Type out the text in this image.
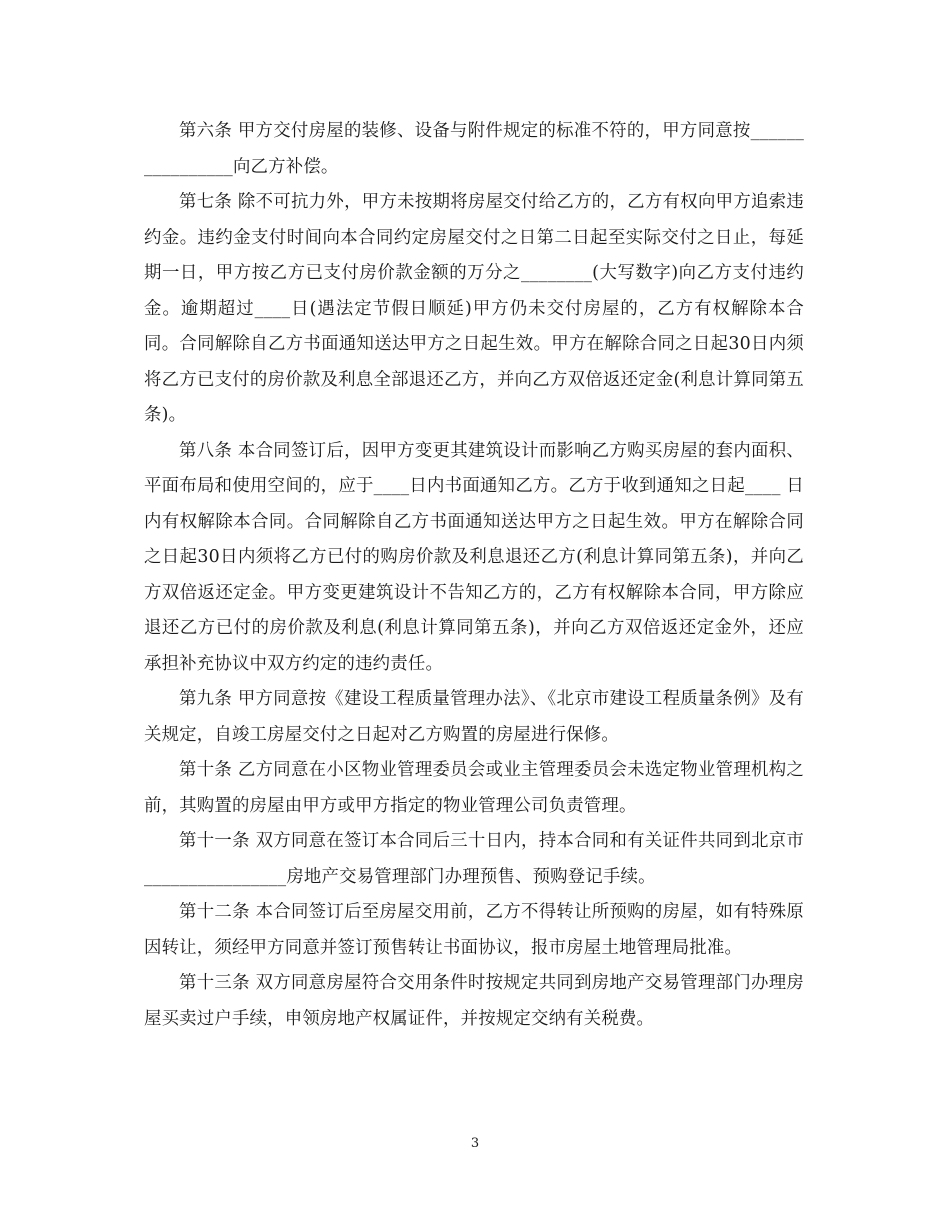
第六条 甲方交付房屋的装修、设备与附件规定的标准不符的，甲方同意按________________向乙方补偿。

第七条 除不可抗力外，甲方未按期将房屋交付给乙方的，乙方有权向甲方追索违约金。违约金支付时间向本合同约定房屋交付之日第二日起至实际交付之日止，每延期一日，甲方按乙方已支付房价款金额的万分之________(大写数字)向乙方支付违约金。逾期超过____日(遇法定节假日顺延)甲方仍未交付房屋的，乙方有权解除本合同。合同解除自乙方书面通知送达甲方之日起生效。甲方在解除合同之日起30日内须将乙方已支付的房价款及利息全部退还乙方，并向乙方双倍返还定金(利息计算同第五条)。

第八条 本合同签订后，因甲方变更其建筑设计而影响乙方购买房屋的套内面积、平面布局和使用空间的，应于____日内书面通知乙方。乙方于收到通知之日起____ 日内有权解除本合同。合同解除自乙方书面通知送达甲方之日起生效。甲方在解除合同之日起30日内须将乙方已付的购房价款及利息退还乙方(利息计算同第五条)，并向乙方双倍返还定金。甲方变更建筑设计不告知乙方的，乙方有权解除本合同，甲方除应退还乙方已付的房价款及利息(利息计算同第五条)，并向乙方双倍返还定金外，还应承担补充协议中双方约定的违约责任。

第九条 甲方同意按《建设工程质量管理办法》、《北京市建设工程质量条例》及有关规定，自竣工房屋交付之日起对乙方购置的房屋进行保修。

第十条 乙方同意在小区物业管理委员会或业主管理委员会未选定物业管理机构之前，其购置的房屋由甲方或甲方指定的物业管理公司负责管理。

第十一条 双方同意在签订本合同后三十日内，持本合同和有关证件共同到北京市________________房地产交易管理部门办理预售、预购登记手续。

第十二条 本合同签订后至房屋交用前，乙方不得转让所预购的房屋，如有特殊原因转让，须经甲方同意并签订预售转让书面协议，报市房屋土地管理局批准。

第十三条 双方同意房屋符合交用条件时按规定共同到房地产交易管理部门办理房屋买卖过户手续，申领房地产权属证件，并按规定交纳有关税费。

3
